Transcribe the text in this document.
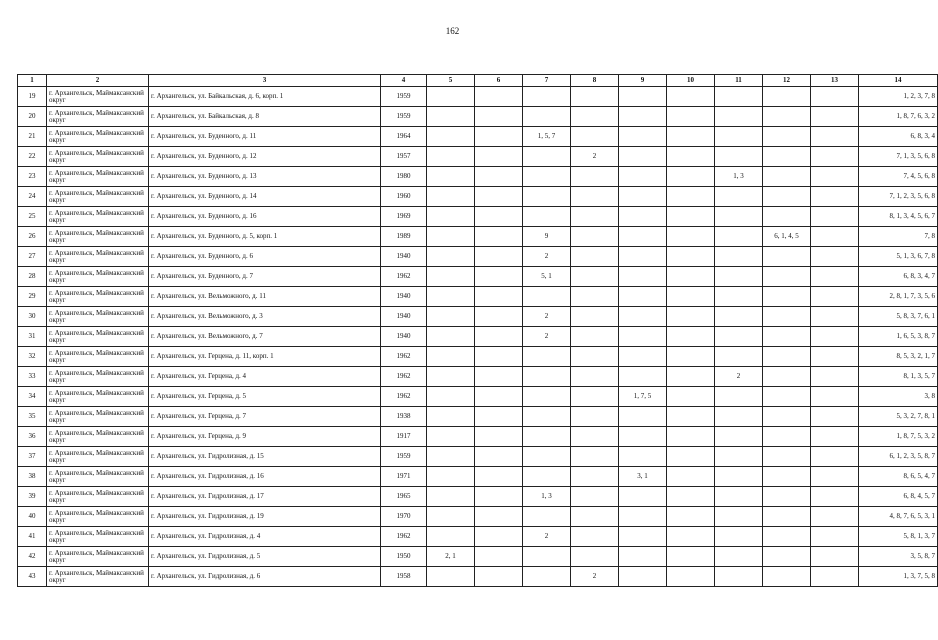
162
1	2	3	4	5	6	7	8	9	10	11	12	13	14
19	г. Архангельск, Маймаксанский округ	г. Архангельск, ул. Байкальская, д. 6, корп. 1	1959										1, 2, 3, 7, 8
20	г. Архангельск, Маймаксанский округ	г. Архангельск, ул. Байкальская, д. 8	1959										1, 8, 7, 6, 3, 2
21	г. Архангельск, Маймаксанский округ	г. Архангельск, ул. Буденного, д. 11	1964			1, 5, 7							6, 8, 3, 4
22	г. Архангельск, Маймаксанский округ	г. Архангельск, ул. Буденного, д. 12	1957				2						7, 1, 3, 5, 6, 8
23	г. Архангельск, Маймаксанский округ	г. Архангельск, ул. Буденного, д. 13	1980							1, 3			7, 4, 5, 6, 8
24	г. Архангельск, Маймаксанский округ	г. Архангельск, ул. Буденного, д. 14	1960										7, 1, 2, 3, 5, 6, 8
25	г. Архангельск, Маймаксанский округ	г. Архангельск, ул. Буденного, д. 16	1969										8, 1, 3, 4, 5, 6, 7
26	г. Архангельск, Маймаксанский округ	г. Архангельск, ул. Буденного, д. 5, корп. 1	1989			9					6, 1, 4, 5		7, 8
27	г. Архангельск, Маймаксанский округ	г. Архангельск, ул. Буденного, д. 6	1940			2							5, 1, 3, 6, 7, 8
28	г. Архангельск, Маймаксанский округ	г. Архангельск, ул. Буденного, д. 7	1962			5, 1							6, 8, 3, 4, 7
29	г. Архангельск, Маймаксанский округ	г. Архангельск, ул. Вельможного, д. 11	1940										2, 8, 1, 7, 3, 5, 6
30	г. Архангельск, Маймаксанский округ	г. Архангельск, ул. Вельможного, д. 3	1940			2							5, 8, 3, 7, 6, 1
31	г. Архангельск, Маймаксанский округ	г. Архангельск, ул. Вельможного, д. 7	1940			2							1, 6, 5, 3, 8, 7
32	г. Архангельск, Маймаксанский округ	г. Архангельск, ул. Герцена, д. 11, корп. 1	1962										8, 5, 3, 2, 1, 7
33	г. Архангельск, Маймаксанский округ	г. Архангельск, ул. Герцена, д. 4	1962							2			8, 1, 3, 5, 7
34	г. Архангельск, Маймаксанский округ	г. Архангельск, ул. Герцена, д. 5	1962					1, 7, 5					3, 8
35	г. Архангельск, Маймаксанский округ	г. Архангельск, ул. Герцена, д. 7	1938										5, 3, 2, 7, 8, 1
36	г. Архангельск, Маймаксанский округ	г. Архангельск, ул. Герцена, д. 9	1917										1, 8, 7, 5, 3, 2
37	г. Архангельск, Маймаксанский округ	г. Архангельск, ул. Гидролизная, д. 15	1959										6, 1, 2, 3, 5, 8, 7
38	г. Архангельск, Маймаксанский округ	г. Архангельск, ул. Гидролизная, д. 16	1971					3, 1					8, 6, 5, 4, 7
39	г. Архангельск, Маймаксанский округ	г. Архангельск, ул. Гидролизная, д. 17	1965			1, 3							6, 8, 4, 5, 7
40	г. Архангельск, Маймаксанский округ	г. Архангельск, ул. Гидролизная, д. 19	1970										4, 8, 7, 6, 5, 3, 1
41	г. Архангельск, Маймаксанский округ	г. Архангельск, ул. Гидролизная, д. 4	1962			2							5, 8, 1, 3, 7
42	г. Архангельск, Маймаксанский округ	г. Архангельск, ул. Гидролизная, д. 5	1950	2, 1									3, 5, 8, 7
43	г. Архангельск, Маймаксанский округ	г. Архангельск, ул. Гидролизная, д. 6	1958				2						1, 3, 7, 5, 8
